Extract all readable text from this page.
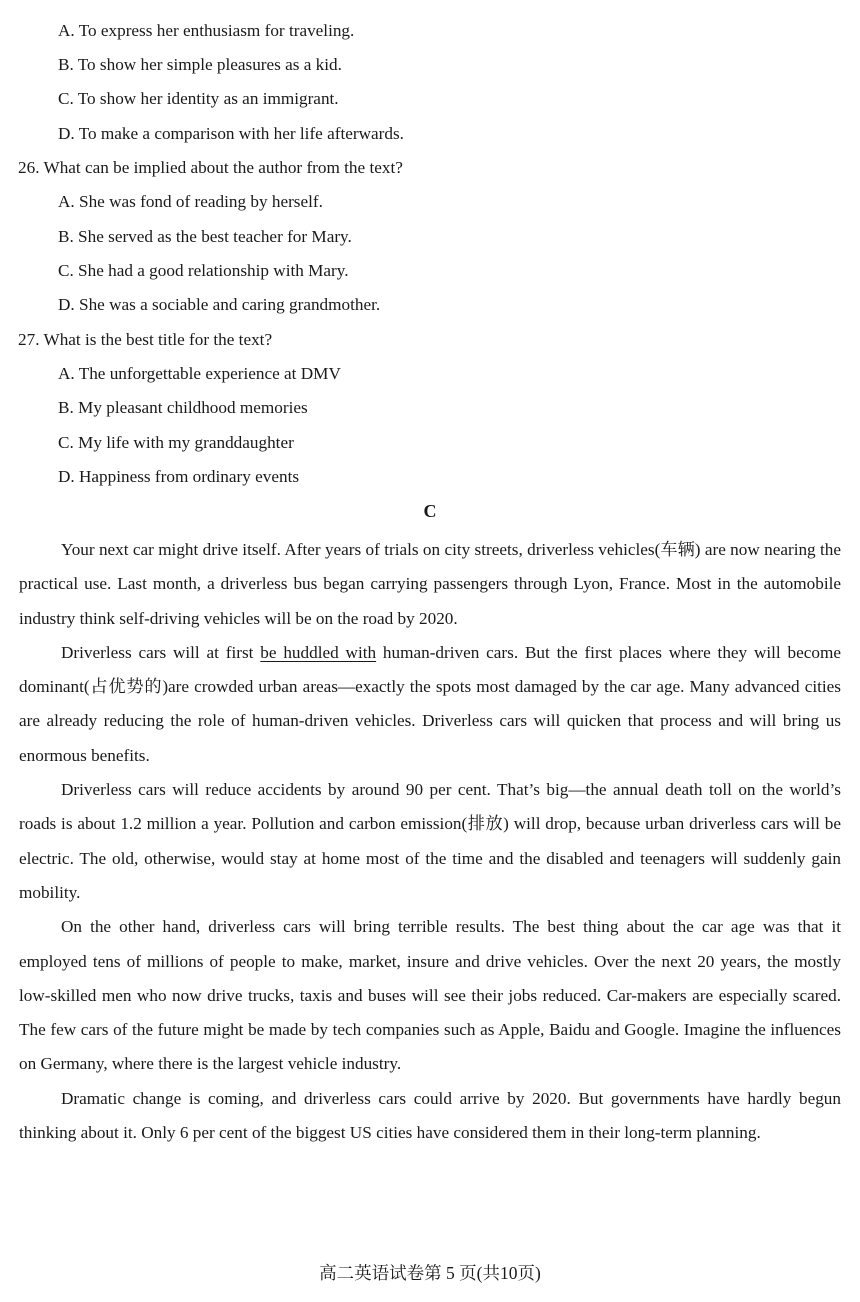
A. To express her enthusiasm for traveling.
B. To show her simple pleasures as a kid.
C. To show her identity as an immigrant.
D. To make a comparison with her life afterwards.
26. What can be implied about the author from the text?
A. She was fond of reading by herself.
B. She served as the best teacher for Mary.
C. She had a good relationship with Mary.
D. She was a sociable and caring grandmother.
27. What is the best title for the text?
A. The unforgettable experience at DMV
B. My pleasant childhood memories
C. My life with my granddaughter
D. Happiness from ordinary events
C

Your next car might drive itself. After years of trials on city streets, driverless vehicles(车辆) are now nearing the practical use. Last month, a driverless bus began carrying passengers through Lyon, France. Most in the automobile industry think self-driving vehicles will be on the road by 2020.

Driverless cars will at first be huddled with human-driven cars. But the first places where they will become dominant(占优势的)are crowded urban areas—exactly the spots most damaged by the car age. Many advanced cities are already reducing the role of human-driven vehicles. Driverless cars will quicken that process and will bring us enormous benefits.

Driverless cars will reduce accidents by around 90 per cent. That’s big—the annual death toll on the world’s roads is about 1.2 million a year. Pollution and carbon emission(排放) will drop, because urban driverless cars will be electric. The old, otherwise, would stay at home most of the time and the disabled and teenagers will suddenly gain mobility.

On the other hand, driverless cars will bring terrible results. The best thing about the car age was that it employed tens of millions of people to make, market, insure and drive vehicles. Over the next 20 years, the mostly low-skilled men who now drive trucks, taxis and buses will see their jobs reduced. Car-makers are especially scared. The few cars of the future might be made by tech companies such as Apple, Baidu and Google. Imagine the influences on Germany, where there is the largest vehicle industry.

Dramatic change is coming, and driverless cars could arrive by 2020. But governments have hardly begun thinking about it. Only 6 per cent of the biggest US cities have considered them in their long-term planning.

高二英语试卷第 5 页(共10页)
